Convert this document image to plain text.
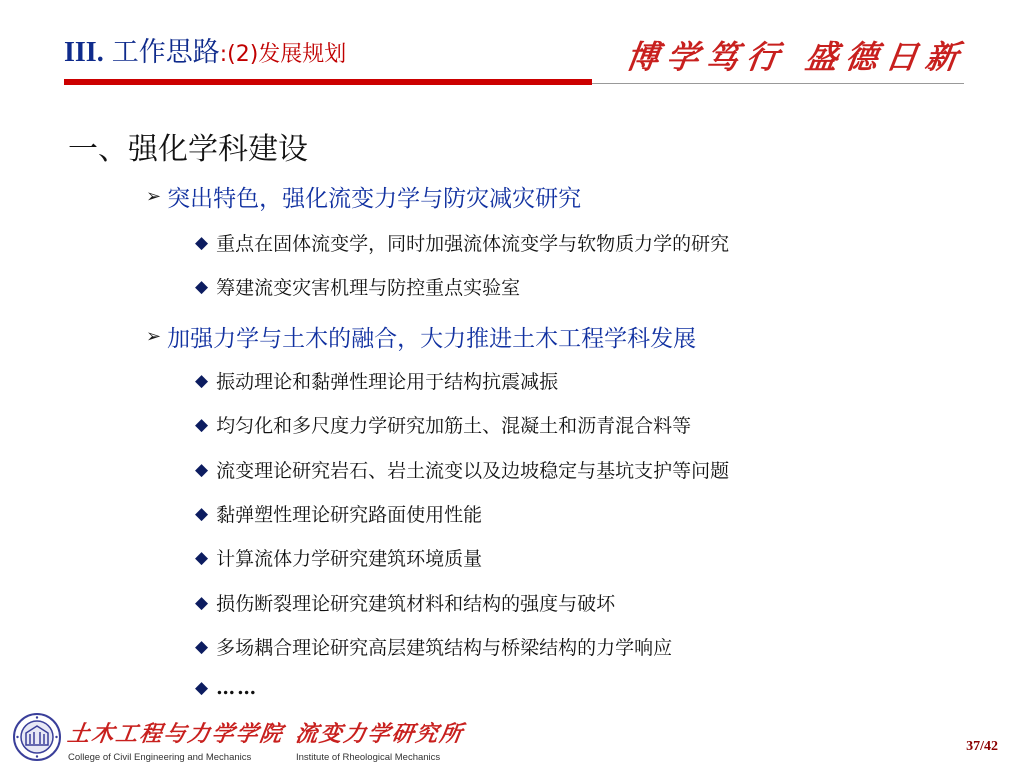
III. 工作思路 :(2)发展规划	博学笃行 盛德日新
一、强化学科建设
➢ 突出特色，强化流变力学与防灾减灾研究
◆ 重点在固体流变学，同时加强流体流变学与软物质力学的研究
◆ 筹建流变灾害机理与防控重点实验室
➢ 加强力学与土木的融合，大力推进土木工程学科发展
◆ 振动理论和黏弹性理论用于结构抗震减振
◆ 均匀化和多尺度力学研究加筋土、混凝土和沥青混合料等
◆ 流变理论研究岩石、岩土流变以及边坡稳定与基坑支护等问题
◆ 黏弹塑性理论研究路面使用性能
◆ 计算流体力学研究建筑环境质量
◆ 损伤断裂理论研究建筑材料和结构的强度与破坏
◆ 多场耦合理论研究高层建筑结构与桥梁结构的力学响应
◆ ……
土木工程与力学学院
College of Civil Engineering and Mechanics
流变力学研究所
Institute of Rheological Mechanics
37/42
